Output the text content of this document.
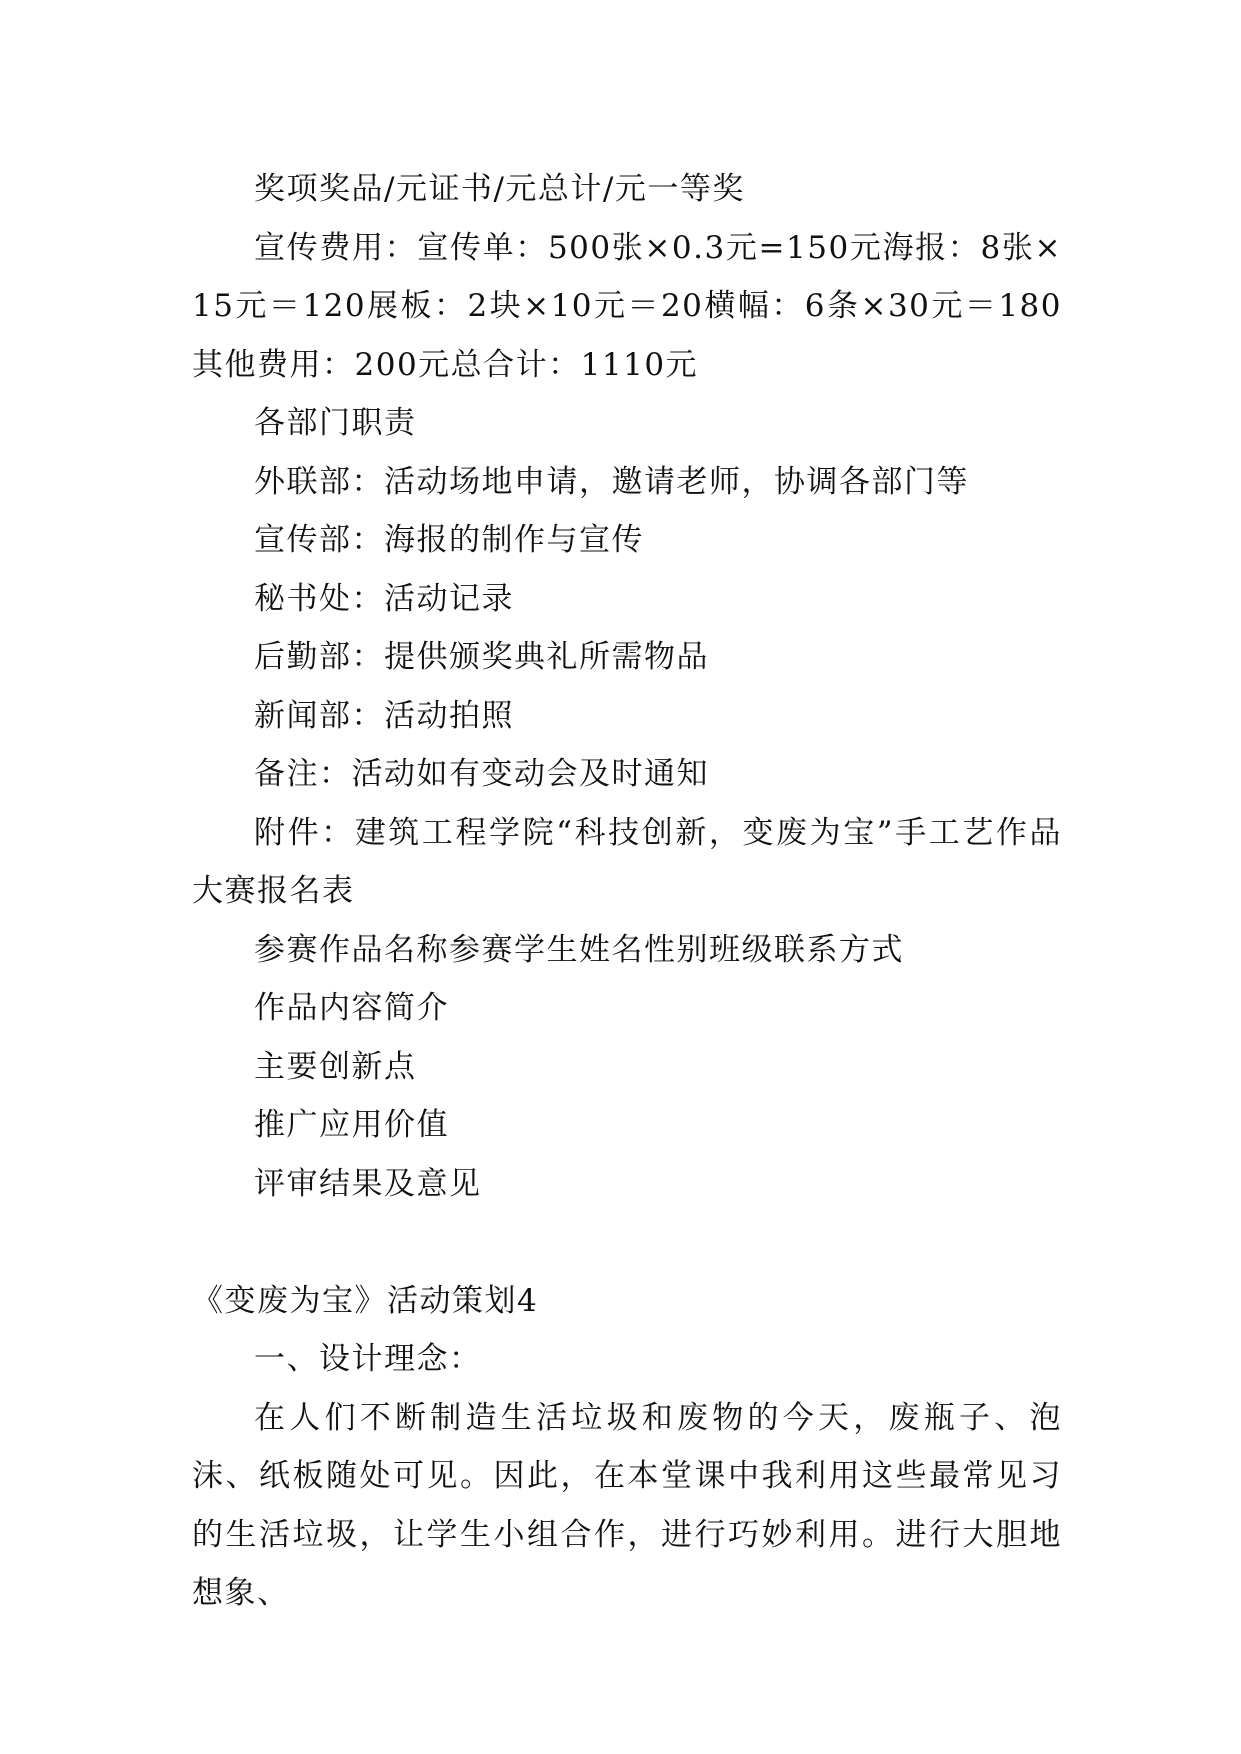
奖项奖品/元证书/元总计/元一等奖

宣传费用：宣传单：500张×0.3元=150元海报：8张×15元＝120展板：2块×10元＝20横幅：6条×30元＝180其他费用：200元总合计：1110元

各部门职责

外联部：活动场地申请，邀请老师，协调各部门等

宣传部：海报的制作与宣传

秘书处：活动记录

后勤部：提供颁奖典礼所需物品

新闻部：活动拍照

备注：活动如有变动会及时通知

附件：建筑工程学院“科技创新，变废为宝”手工艺作品大赛报名表

参赛作品名称参赛学生姓名性别班级联系方式

作品内容简介

主要创新点

推广应用价值

评审结果及意见

《变废为宝》活动策划4

一、设计理念：

在人们不断制造生活垃圾和废物的今天，废瓶子、泡沫、纸板随处可见。因此，在本堂课中我利用这些最常见习的生活垃圾，让学生小组合作，进行巧妙利用。进行大胆地想象、
